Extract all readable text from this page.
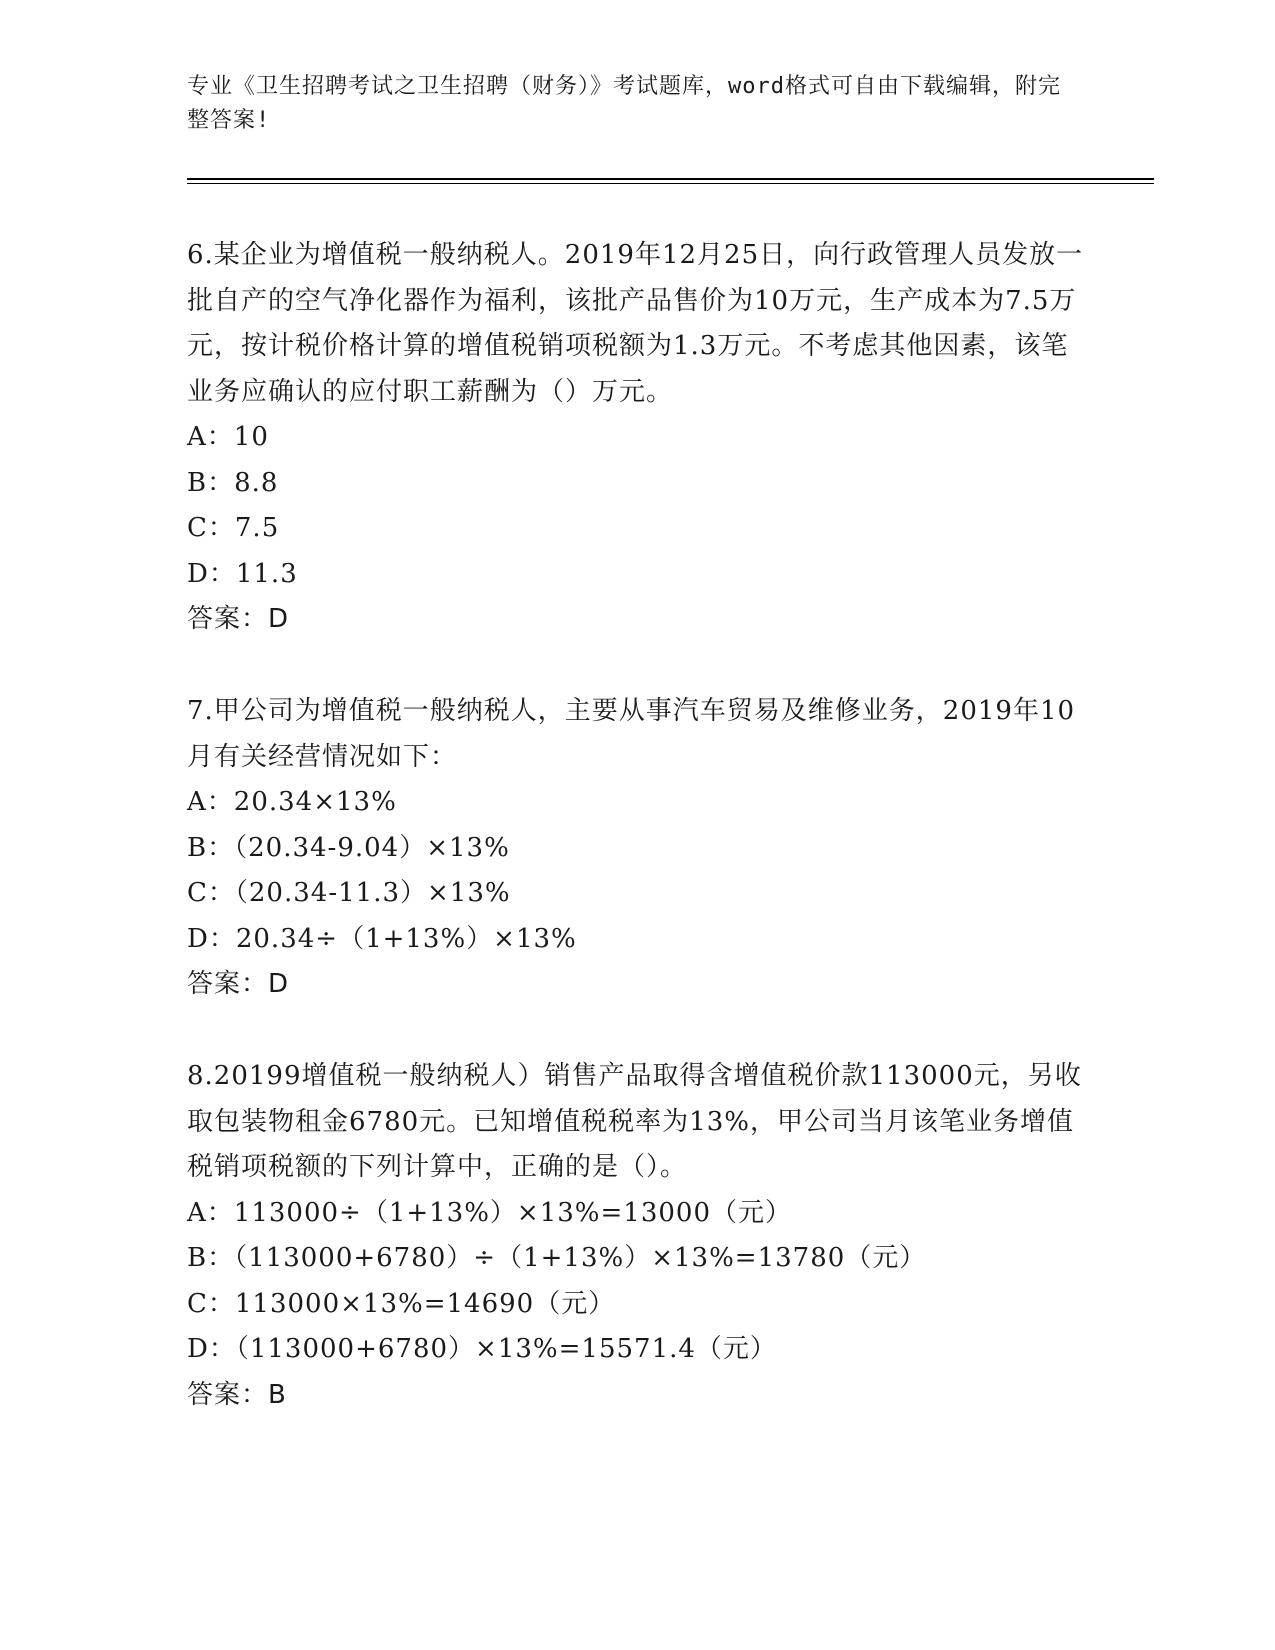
专业《卫生招聘考试之卫生招聘（财务）》考试题库，word格式可自由下载编辑，附完整答案!

6.某企业为增值税一般纳税人。2019年12月25日，向行政管理人员发放一批自产的空气净化器作为福利，该批产品售价为10万元，生产成本为7.5万元，按计税价格计算的增值税销项税额为1.3万元。不考虑其他因素，该笔业务应确认的应付职工薪酬为（）万元。

A：10
B：8.8
C：7.5
D：11.3
答案：D

7.甲公司为增值税一般纳税人，主要从事汽车贸易及维修业务，2019年10月有关经营情况如下：

A：20.34×13%
B：（20.34-9.04）×13%
C：（20.34-11.3）×13%
D：20.34÷（1+13%）×13%
答案：D

8.20199增值税一般纳税人）销售产品取得含增值税价款113000元，另收取包装物租金6780元。已知增值税税率为13%，甲公司当月该笔业务增值税销项税额的下列计算中，正确的是（）。

A：113000÷（1+13%）×13%=13000（元）
B：（113000+6780）÷（1+13%）×13%=13780（元）
C：113000×13%=14690（元）
D：（113000+6780）×13%=15571.4（元）
答案：B
